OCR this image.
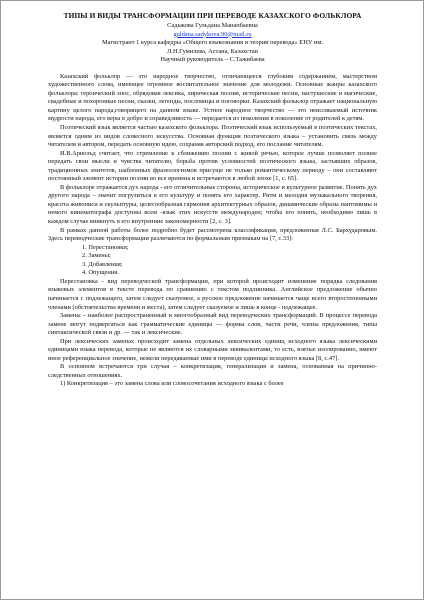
ТИПЫ И ВИДЫ ТРАНСФОРМАЦИИ ПРИ ПЕРЕВОДЕ КАЗАХСКОГО ФОЛЬКЛОРА

Садыкова Гульдана Манапбаевна

guldana.sadykova.90@mail.ru

Магистрант 1 курса кафедры «Общего языкознания и теории перевода» ЕНУ им.

Л.Н.Гумилева, Астана, Казахстан

Научный руководитель – С.Тажибаева

Казахский фольклор — это народное творчество, отличающееся глубоким содержанием, мастерством художественного слова, имеющее огромное воспитательное значение для молодежи. Основные жанры казахского фольклора: героический эпос, обрядовая лексика, лирическая поэзия, исторические песни, пастушеские и магические, свадебные и похоронные песни, сказки, легенды, пословицы и поговорки. Казахский фольклор отражает национальную картину целого народа,говорящего на данном языке. Устное народное творчество — это неиссякаемый источник мудрости народа, его веры в добро и справедливость — передается из поколения в поколение от родителей к детям.

Поэтический язык является частью казахского фольклора. Поэтический язык используемый в поэтических текстах, является одним из видов словесного искусства. Основная функция поэтического языка – установить связь между читателем и автором, передать основную идею, сохраняя авторский подход, его послание читателям.

И.В.Арнольд считает, что стремление к сближению поэзии с живой речью, которое лучше позволяет полнее передать свои мысли и чувства читателю, борьба против условностей поэтического языка, застывших образов, традиционных эпитетов, шаблонных фразеологизмов присуще не только романтическому периоду – они составляют постоянный элемент истории поэзии во все времена и встречаются в любой эпохе [1, с. 65].

В фольклоре отражается дух народа - его отличительные стороны, историческое и культурное развитие. Понять дух другого народа – значит погрузиться в его культуру и понять его характер. Ритм и мелодия музыкального творения, красота живописи и скульптуры, целесообразная гармония архитектурных образов, динамические образы пантомимы и немого кинематографа доступны всем -язык этих искусств международен; чтобы его понять, необходимо лишь в каждом случае вникнуть в его внутренние закономерности [2, с. 3].

В рамках данной работы более подробно будет рассмотрена классификация, предложенная Л.С. Бархударовым. Здесь переводческие трансформации различаются по формальным признакам на [7, с.33]:

1. Перестановки;

2. Замены;

3. Добавления;

4. Опущения.

Перестановка - вид переводческой трансформации, при которой происходит изменение порядка следования языковых элементов в тексте перевода по сравнению с текстом подлинника. Английское предложение обычно начинается с подлежащего, затем следует сказуемое, а русское предложение начинается чаще всего второстепенными членами (обстоятельства времени и места), затем следует сказуемое и лишь в конце - подлежащее.

Замены – наиболее распространенный и многообразный вид переводческих трансформаций. В процессе перевода замене могут подвергаться как грамматические единицы — формы слов, части речи, члены предложения, типы синтаксической связи и др. — так и лексические.

При лексических заменах происходит замена отдельных лексических единиц исходного языка лексическими единицами языка перевода, которые не являются их словарными эквивалентами, то есть, взятые изолированно, имеют иное референциальное значение, нежели передаваемые ими в переводе единицы исходного языка [8, с.47].

В основном встречаются три случая – конкретизация, генерализация и замена, основанная на причинно-следственных отношениях.

1) Конкретизация – это замена слова или словосочетания исходного языка с более
